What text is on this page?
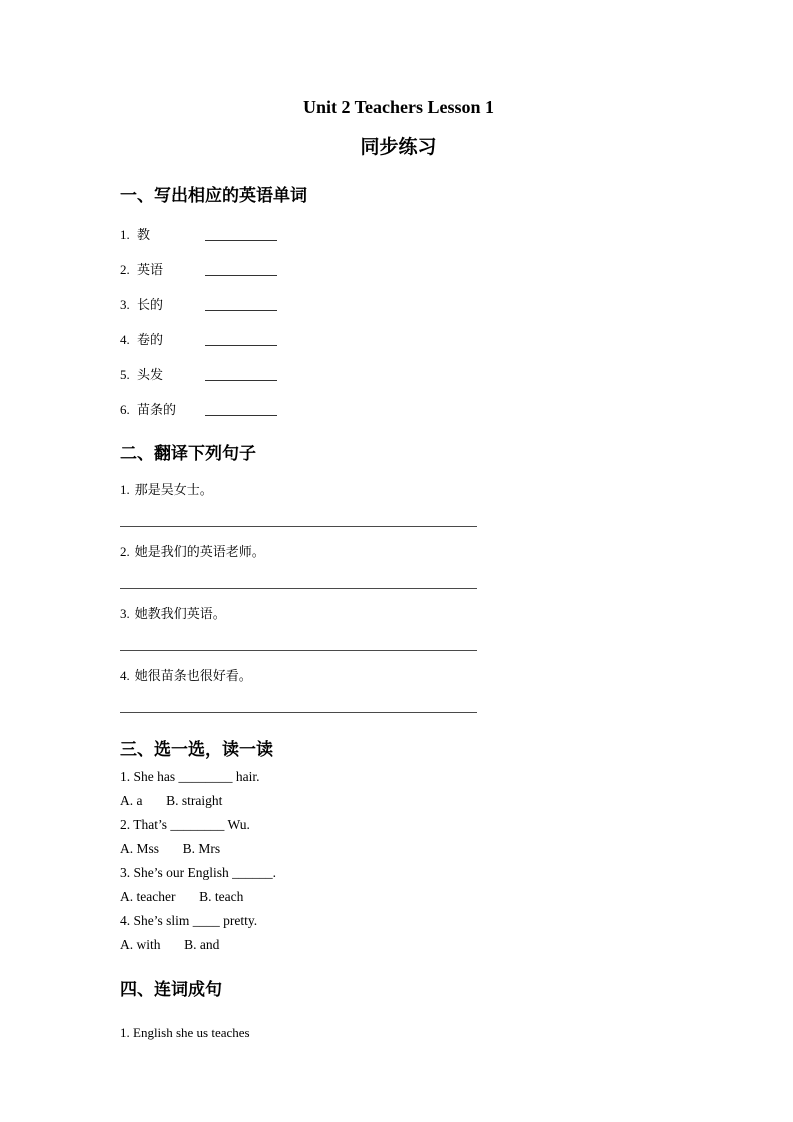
Unit 2 Teachers Lesson 1
同步练习
一、写出相应的英语单词
1. 教
2. 英语
3. 长的
4. 卷的
5. 头发
6. 苗条的
二、翻译下列句子
1. 那是吴女士。
2. 她是我们的英语老师。
3. 她教我们英语。
4. 她很苗条也很好看。
三、选一选，读一读
1. She has ________ hair.
A. a       B. straight
2. That’s ________ Wu.
A. Mss       B. Mrs
3. She’s our English ______.
A. teacher       B. teach
4. She’s slim ____ pretty.
A. with       B. and
四、连词成句
1. English she us teaches
